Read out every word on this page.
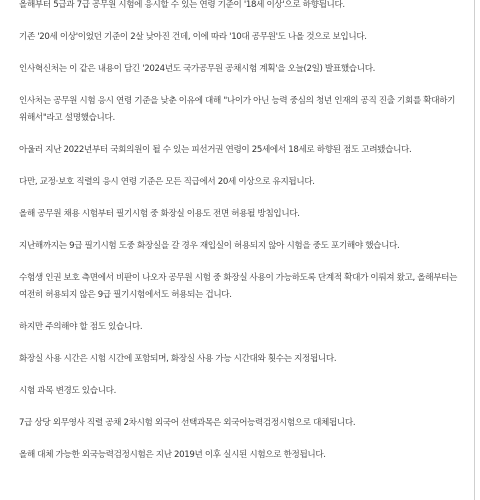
올해부터 5급과 7급 공무원 시험에 응시할 수 있는 연령 기준이 '18세 이상'으로 하향됩니다.

기존 '20세 이상'이었던 기준이 2살 낮아진 건데, 이에 따라 '10대 공무원'도 나올 것으로 보입니다.

인사혁신처는 이 같은 내용이 담긴 '2024년도 국가공무원 공채시험 계획'을 오늘(2일) 발표했습니다.

인사처는 공무원 시험 응시 연령 기준을 낮춘 이유에 대해 "나이가 아닌 능력 중심의 청년 인재의 공직 진출 기회를 확대하기 위해서"라고 설명했습니다.

아울러 지난 2022년부터 국회의원이 될 수 있는 피선거권 연령이 25세에서 18세로 하향된 점도 고려됐습니다.

다만, 교정·보호 직렬의 응시 연령 기준은 모든 직급에서 20세 이상으로 유지됩니다.

올해 공무원 채용 시험부터 필기시험 중 화장실 이용도 전면 허용될 방침입니다.

지난해까지는 9급 필기시험 도중 화장실을 갈 경우 재입실이 허용되지 않아 시험을 중도 포기해야 했습니다.

수험생 인권 보호 측면에서 비판이 나오자 공무원 시험 중 화장실 사용이 가능하도록 단계적 확대가 이뤄져 왔고, 올해부터는 여전히 허용되지 않은 9급 필기시험에서도 허용되는 겁니다.

하지만 주의해야 할 점도 있습니다.

화장실 사용 시간은 시험 시간에 포함되며, 화장실 사용 가능 시간대와 횟수는 지정됩니다.

시험 과목 변경도 있습니다.

7급 상당 외무영사 직렬 공채 2차시험 외국어 선택과목은 외국어능력검정시험으로 대체됩니다.

올해 대체 가능한 외국능력검정시험은 지난 2019년 이후 실시된 시험으로 한정됩니다.
